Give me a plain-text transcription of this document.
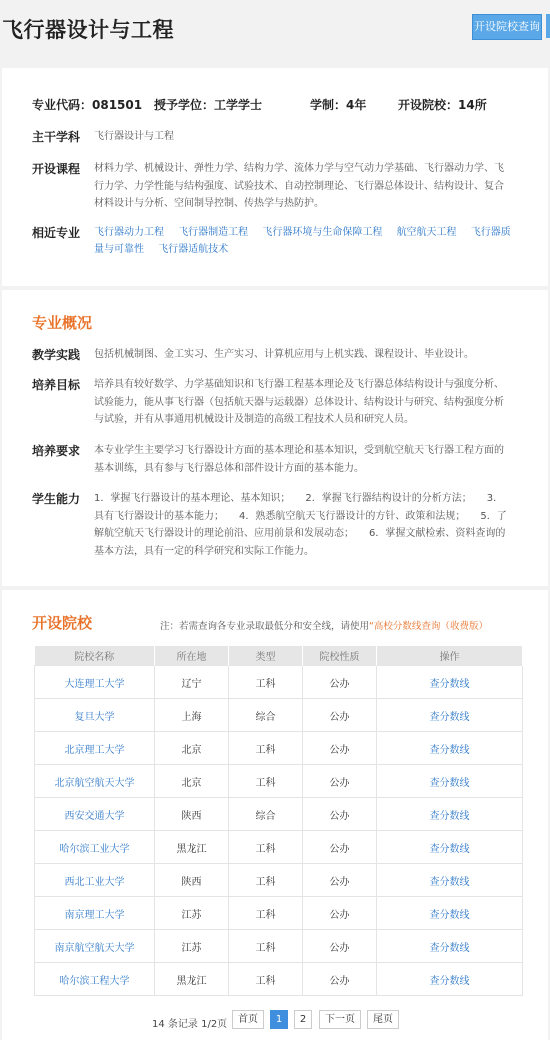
飞行器设计与工程	开设院校查询
专业代码：081501 授予学位：工学学士	学制：4年	开设院校：14所
主干学科 飞行器设计与工程
开设课程 材料力学、机械设计、弹性力学、结构力学、流体力学与空气动力学基础、飞行器动力学、飞行力学、力学性能与结构强度、试验技术、自动控制理论、飞行器总体设计、结构设计、复合材料设计与分析、空间制导控制、传热学与热防护。
相近专业 飞行器动力工程 飞行器制造工程 飞行器环境与生命保障工程 航空航天工程 飞行器质量与可靠性 飞行器适航技术
专业概况
教学实践 包括机械制图、金工实习、生产实习、计算机应用与上机实践、课程设计、毕业设计。
培养目标 培养具有较好数学、力学基础知识和飞行器工程基本理论及飞行器总体结构设计与强度分析、试验能力，能从事飞行器（包括航天器与运载器）总体设计、结构设计与研究、结构强度分析与试验，并有从事通用机械设计及制造的高级工程技术人员和研究人员。
培养要求 本专业学生主要学习飞行器设计方面的基本理论和基本知识，受到航空航天飞行器工程方面的基本训练，具有参与飞行器总体和部件设计方面的基本能力。
学生能力 1．掌握飞行器设计的基本理论、基本知识；　　2．掌握飞行器结构设计的分析方法；　　3．具有飞行器设计的基本能力；　　4．熟悉航空航天飞行器设计的方针、政策和法规；　　5．了解航空航天飞行器设计的理论前沿、应用前景和发展动态；　　6．掌握文献检索、资料查询的基本方法，具有一定的科学研究和实际工作能力。
开设院校	注：若需查询各专业录取最低分和安全线，请使用“高校分数线查询（收费版）
院校名称	所在地	类型	院校性质	操作
大连理工大学	辽宁	工科	公办	查分数线
复旦大学	上海	综合	公办	查分数线
北京理工大学	北京	工科	公办	查分数线
北京航空航天大学	北京	工科	公办	查分数线
西安交通大学	陕西	综合	公办	查分数线
哈尔滨工业大学	黑龙江	工科	公办	查分数线
西北工业大学	陕西	工科	公办	查分数线
南京理工大学	江苏	工科	公办	查分数线
南京航空航天大学	江苏	工科	公办	查分数线
哈尔滨工程大学	黑龙江	工科	公办	查分数线
14 条记录 1/2页	首页	1	2	下一页	尾页
